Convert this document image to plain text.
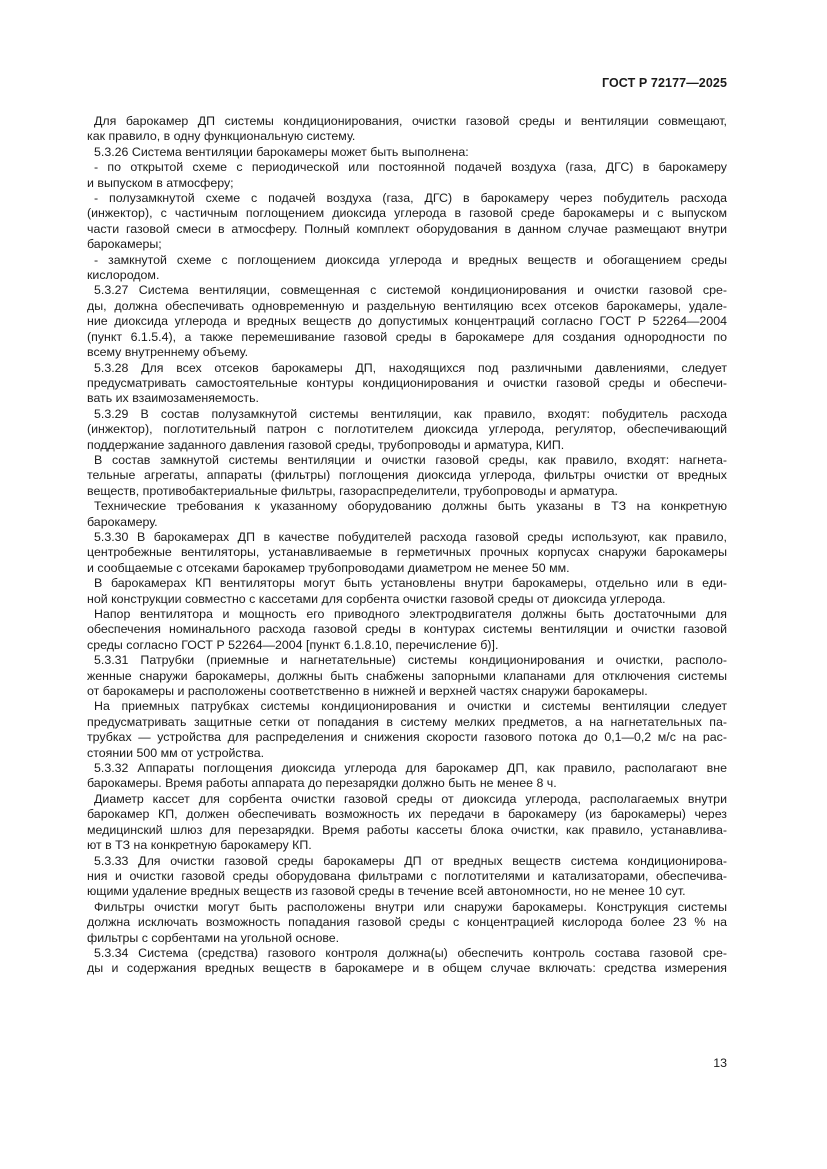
ГОСТ Р 72177—2025
Для барокамер ДП системы кондиционирования, очистки газовой среды и вентиляции совмещают,
как правило, в одну функциональную систему.
5.3.26 Система вентиляции барокамеры может быть выполнена:
- по открытой схеме с периодической или постоянной подачей воздуха (газа, ДГС) в барокамеру
и выпуском в атмосферу;
- полузамкнутой схеме с подачей воздуха (газа, ДГС) в барокамеру через побудитель расхода
(инжектор), с частичным поглощением диоксида углерода в газовой среде барокамеры и с выпуском
части газовой смеси в атмосферу. Полный комплект оборудования в данном случае размещают внутри
барокамеры;
- замкнутой схеме с поглощением диоксида углерода и вредных веществ и обогащением среды
кислородом.
5.3.27 Система вентиляции, совмещенная с системой кондиционирования и очистки газовой сре-
ды, должна обеспечивать одновременную и раздельную вентиляцию всех отсеков барокамеры, удале-
ние диоксида углерода и вредных веществ до допустимых концентраций согласно ГОСТ Р 52264—2004
(пункт 6.1.5.4), а также перемешивание газовой среды в барокамере для создания однородности по
всему внутреннему объему.
5.3.28 Для всех отсеков барокамеры ДП, находящихся под различными давлениями, следует
предусматривать самостоятельные контуры кондиционирования и очистки газовой среды и обеспечи-
вать их взаимозаменяемость.
5.3.29 В состав полузамкнутой системы вентиляции, как правило, входят: побудитель расхода
(инжектор), поглотительный патрон с поглотителем диоксида углерода, регулятор, обеспечивающий
поддержание заданного давления газовой среды, трубопроводы и арматура, КИП.
В состав замкнутой системы вентиляции и очистки газовой среды, как правило, входят: нагнета-
тельные агрегаты, аппараты (фильтры) поглощения диоксида углерода, фильтры очистки от вредных
веществ, противобактериальные фильтры, газораспределители, трубопроводы и арматура.
Технические требования к указанному оборудованию должны быть указаны в ТЗ на конкретную
барокамеру.
5.3.30 В барокамерах ДП в качестве побудителей расхода газовой среды используют, как правило,
центробежные вентиляторы, устанавливаемые в герметичных прочных корпусах снаружи барокамеры
и сообщаемые с отсеками барокамер трубопроводами диаметром не менее 50 мм.
В барокамерах КП вентиляторы могут быть установлены внутри барокамеры, отдельно или в еди-
ной конструкции совместно с кассетами для сорбента очистки газовой среды от диоксида углерода.
Напор вентилятора и мощность его приводного электродвигателя должны быть достаточными для
обеспечения номинального расхода газовой среды в контурах системы вентиляции и очистки газовой
среды согласно ГОСТ Р 52264—2004 [пункт 6.1.8.10, перечисление б)].
5.3.31 Патрубки (приемные и нагнетательные) системы кондиционирования и очистки, располо-
женные снаружи барокамеры, должны быть снабжены запорными клапанами для отключения системы
от барокамеры и расположены соответственно в нижней и верхней частях снаружи барокамеры.
На приемных патрубках системы кондиционирования и очистки и системы вентиляции следует
предусматривать защитные сетки от попадания в систему мелких предметов, а на нагнетательных па-
трубках — устройства для распределения и снижения скорости газового потока до 0,1—0,2 м/с на рас-
стоянии 500 мм от устройства.
5.3.32 Аппараты поглощения диоксида углерода для барокамер ДП, как правило, располагают вне
барокамеры. Время работы аппарата до перезарядки должно быть не менее 8 ч.
Диаметр кассет для сорбента очистки газовой среды от диоксида углерода, располагаемых внутри
барокамер КП, должен обеспечивать возможность их передачи в барокамеру (из барокамеры) через
медицинский шлюз для перезарядки. Время работы кассеты блока очистки, как правило, устанавлива-
ют в ТЗ на конкретную барокамеру КП.
5.3.33 Для очистки газовой среды барокамеры ДП от вредных веществ система кондиционирова-
ния и очистки газовой среды оборудована фильтрами с поглотителями и катализаторами, обеспечива-
ющими удаление вредных веществ из газовой среды в течение всей автономности, но не менее 10 сут.
Фильтры очистки могут быть расположены внутри или снаружи барокамеры. Конструкция системы
должна исключать возможность попадания газовой среды с концентрацией кислорода более 23 % на
фильтры с сорбентами на угольной основе.
5.3.34 Система (средства) газового контроля должна(ы) обеспечить контроль состава газовой сре-
ды и содержания вредных веществ в барокамере и в общем случае включать: средства измерения
13
